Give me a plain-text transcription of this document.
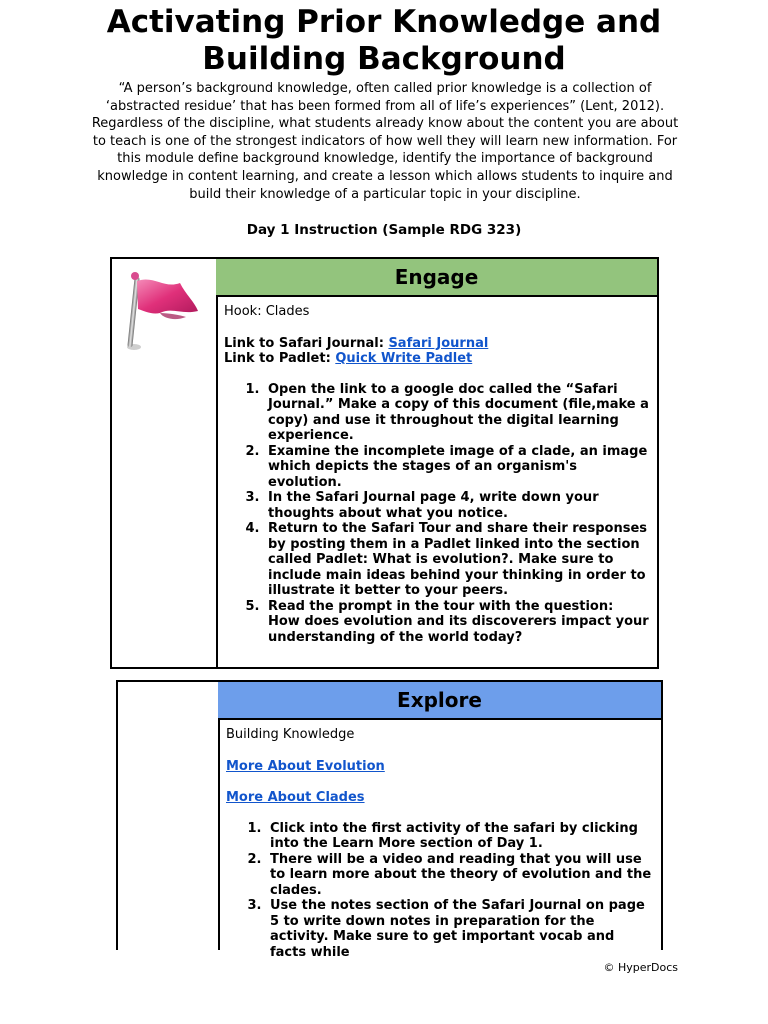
Activating Prior Knowledge and Building Background
“A person’s background knowledge, often called prior knowledge is a collection of ‘abstracted residue’ that has been formed from all of life’s experiences” (Lent, 2012). Regardless of the discipline, what students already know about the content you are about to teach is one of the strongest indicators of how well they will learn new information. For this module define background knowledge, identify the importance of background knowledge in content learning, and create a lesson which allows students to inquire and build their knowledge of a particular topic in your discipline.
Day 1 Instruction (Sample RDG 323)
Engage

Hook: Clades

Link to Safari Journal: Safari Journal
Link to Padlet: Quick Write Padlet
1. Open the link to a google doc called the “Safari Journal.” Make a copy of this document (file,make a copy) and use it throughout the digital learning experience.
2. Examine the incomplete image of a clade, an image which depicts the stages of an organism's evolution.
3. In the Safari Journal page 4, write down your thoughts about what you notice.
4. Return to the Safari Tour and share their responses by posting them in a Padlet linked into the section called Padlet: What is evolution?. Make sure to include main ideas behind your thinking in order to illustrate it better to your peers.
5. Read the prompt in the tour with the question: How does evolution and its discoverers impact your understanding of the world today?
Explore

Building Knowledge

More About Evolution
More About Clades
1. Click into the first activity of the safari by clicking into the Learn More section of Day 1.
2. There will be a video and reading that you will use to learn more about the theory of evolution and the clades.
3. Use the notes section of the Safari Journal on page 5 to write down notes in preparation for the activity. Make sure to get important vocab and facts while
© HyperDocs
